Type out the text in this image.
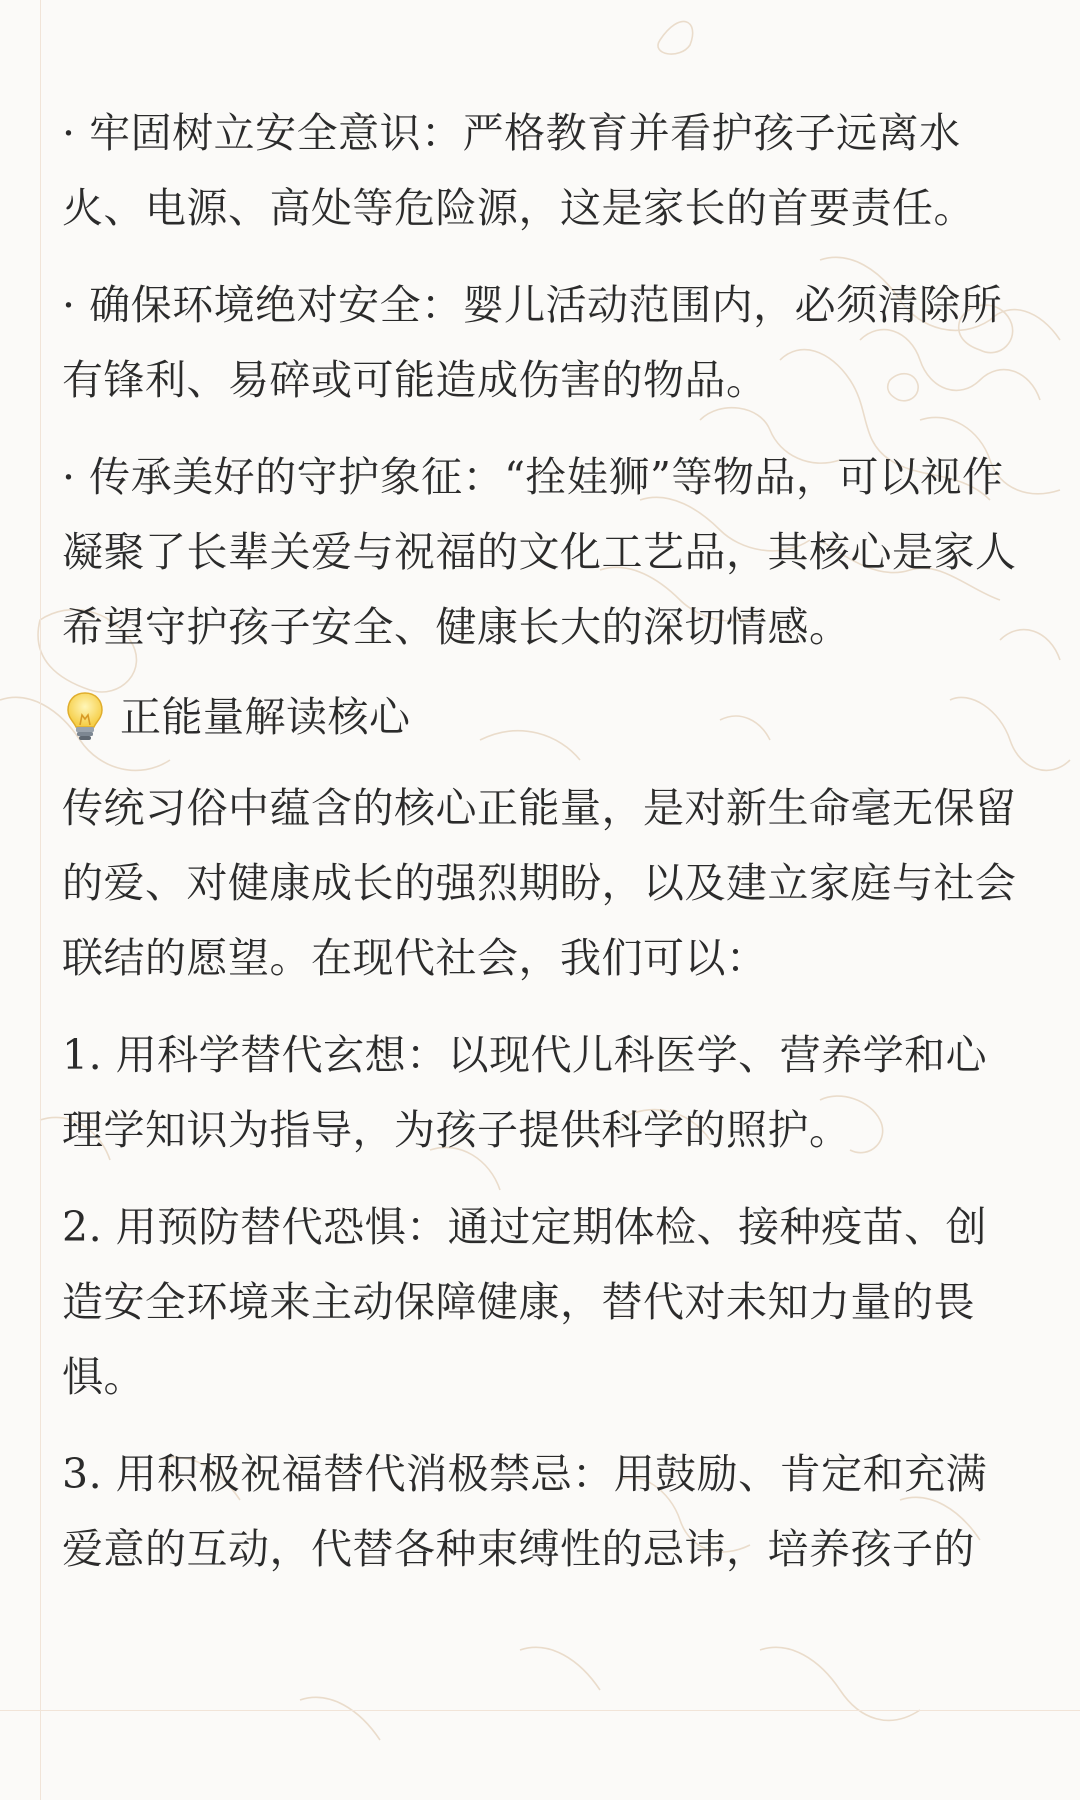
· 牢固树立安全意识：严格教育并看护孩子远离水火、电源、高处等危险源，这是家长的首要责任。

· 确保环境绝对安全：婴儿活动范围内，必须清除所有锋利、易碎或可能造成伤害的物品。

· 传承美好的守护象征：“拴娃狮”等物品，可以视作凝聚了长辈关爱与祝福的文化工艺品，其核心是家人希望守护孩子安全、健康长大的深切情感。

正能量解读核心

传统习俗中蕴含的核心正能量，是对新生命毫无保留的爱、对健康成长的强烈期盼，以及建立家庭与社会联结的愿望。在现代社会，我们可以：

1. 用科学替代玄想：以现代儿科医学、营养学和心理学知识为指导，为孩子提供科学的照护。

2. 用预防替代恐惧：通过定期体检、接种疫苗、创造安全环境来主动保障健康，替代对未知力量的畏惧。

3. 用积极祝福替代消极禁忌：用鼓励、肯定和充满爱意的互动，代替各种束缚性的忌讳，培养孩子的
